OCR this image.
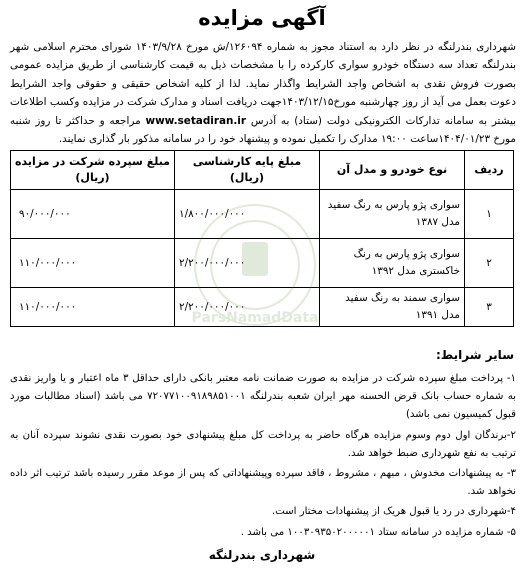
آگهی مزایده

شهرداری بندرلنگه در نظر دارد به استناد مجوز به شماره ۱۲۶۰۹۴/ش مورخ ۱۴۰۳/۹/۲۸ شورای محترم اسلامی شهر بندرلنگه تعداد سه دستگاه خودرو سواری کارکرده را با مشخصات ذیل به قیمت کارشناسی از طریق مزایده عمومی بصورت فروش نقدی به اشخاص واجد الشرایط واگذار نماید. لذا از کلیه اشخاص حقیقی و حقوقی واجد الشرایط دعوت بعمل می آید از روز چهارشنبه مورخ۱۴۰۳/۱۲/۱۵جهت دریافت اسناد و مدارک شرکت در مزایده وکسب اطلاعات بیشتر به سامانه تدارکات الکترونیکی دولت (ستاد) به آدرس www.setadiran.ir مراجعه و حداکثر تا روز شنبه مورخ ۱۴۰۴/۰۱/۲۳ساعت ۱۹:۰۰ مدارک را تکمیل نموده و پیشنهاد خود را در سامانه مذکور بار گذاری نمایند.

ردیف	نوع خودرو و مدل آن	مبلغ پایه کارشناسی (ریال)	مبلغ سپرده شرکت در مزایده (ریال)
۱	سواری پژو پارس به رنگ سفید مدل ۱۳۸۷	۱/۸۰۰/۰۰۰/۰۰۰	۹۰/۰۰۰/۰۰۰
۲	سواری پژو پارس به رنگ خاکستری مدل ۱۳۹۲	۲/۲۰۰/۰۰۰/۰۰۰	۱۱۰/۰۰۰/۰۰۰
۳	سواری سمند به رنگ سفید مدل ۱۳۹۱	۲/۲۰۰/۰۰۰/۰۰۰	۱۱۰/۰۰۰/۰۰۰
ParsNamadData
سایر شرایط:
۱- پرداخت مبلغ سپرده شرکت در مزایده به صورت ضمانت نامه معتبر بانکی دارای حداقل ۳ ماه اعتبار و یا واریز نقدی به شماره حساب بانک قرض الحسنه مهر ایران شعبه بندرلنگه ۷۲۰۷۷۱۰۰۹۱۸۹۸۵۱۰۰۱ می باشد (اسناد مطالبات مورد قبول کمیسیون نمی باشد)
۲-برندگان اول دوم وسوم مزایده هرگاه حاضر به پرداخت کل مبلغ پیشنهادی خود بصورت نقدی نشوند سپرده آنان به ترتیب به نفع شهرداری ضبط خواهد شد.
۳- به پیشنهادات مخدوش ، مبهم ، مشروط ، فاقد سپرده وپیشنهاداتی که پس از موعد مقرر رسیده باشد ترتیب اثر داده نخواهد شد.
۴-شهرداری در رد یا قبول هریک از پیشنهادات مختار است.
۵- شماره مزایده در سامانه ستاد ۱۰۰۳۰۹۳۵۰۲۰۰۰۰۰۱ می باشد .
شهرداری بندرلنگه
